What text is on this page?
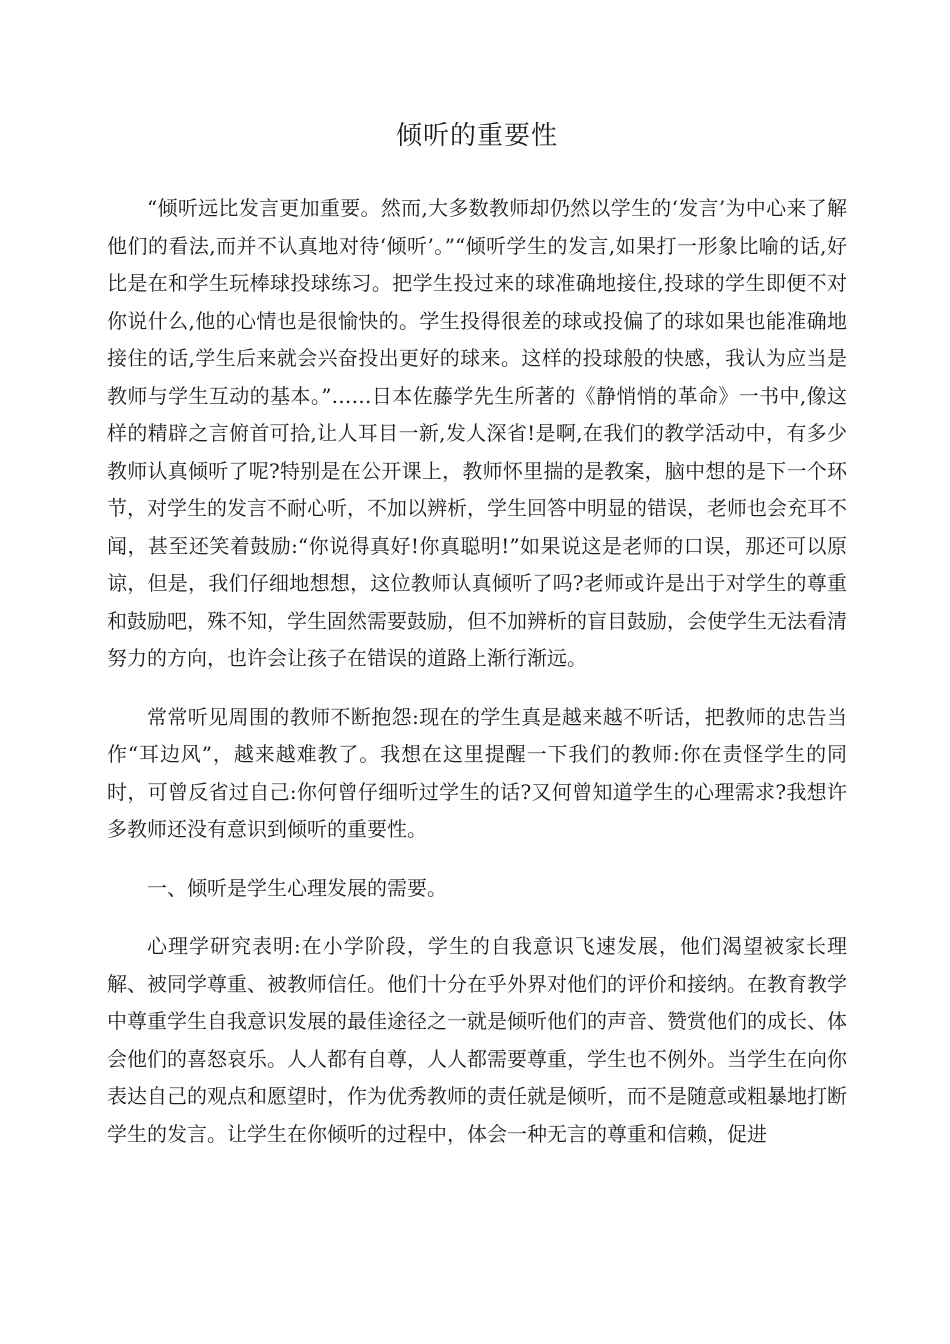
倾听的重要性

“倾听远比发言更加重要。然而,大多数教师却仍然以学生的‘发言’为中心来了解他们的看法,而并不认真地对待‘倾听’。”“倾听学生的发言,如果打一形象比喻的话,好比是在和学生玩棒球投球练习。把学生投过来的球准确地接住,投球的学生即便不对你说什么,他的心情也是很愉快的。学生投得很差的球或投偏了的球如果也能准确地接住的话,学生后来就会兴奋投出更好的球来。这样的投球般的快感，我认为应当是教师与学生互动的基本。”……日本佐藤学先生所著的《静悄悄的革命》一书中,像这样的精辟之言俯首可拾,让人耳目一新,发人深省!是啊,在我们的教学活动中，有多少教师认真倾听了呢?特别是在公开课上，教师怀里揣的是教案，脑中想的是下一个环节，对学生的发言不耐心听，不加以辨析，学生回答中明显的错误，老师也会充耳不闻，甚至还笑着鼓励:“你说得真好!你真聪明!”如果说这是老师的口误，那还可以原谅，但是，我们仔细地想想，这位教师认真倾听了吗?老师或许是出于对学生的尊重和鼓励吧，殊不知，学生固然需要鼓励，但不加辨析的盲目鼓励，会使学生无法看清努力的方向，也许会让孩子在错误的道路上渐行渐远。

常常听见周围的教师不断抱怨:现在的学生真是越来越不听话，把教师的忠告当作“耳边风”，越来越难教了。我想在这里提醒一下我们的教师:你在责怪学生的同时，可曾反省过自己:你何曾仔细听过学生的话?又何曾知道学生的心理需求?我想许多教师还没有意识到倾听的重要性。

一、倾听是学生心理发展的需要。

心理学研究表明:在小学阶段，学生的自我意识飞速发展，他们渴望被家长理解、被同学尊重、被教师信任。他们十分在乎外界对他们的评价和接纳。在教育教学中尊重学生自我意识发展的最佳途径之一就是倾听他们的声音、赞赏他们的成长、体会他们的喜怒哀乐。人人都有自尊，人人都需要尊重，学生也不例外。当学生在向你表达自己的观点和愿望时，作为优秀教师的责任就是倾听，而不是随意或粗暴地打断学生的发言。让学生在你倾听的过程中，体会一种无言的尊重和信赖，促进
